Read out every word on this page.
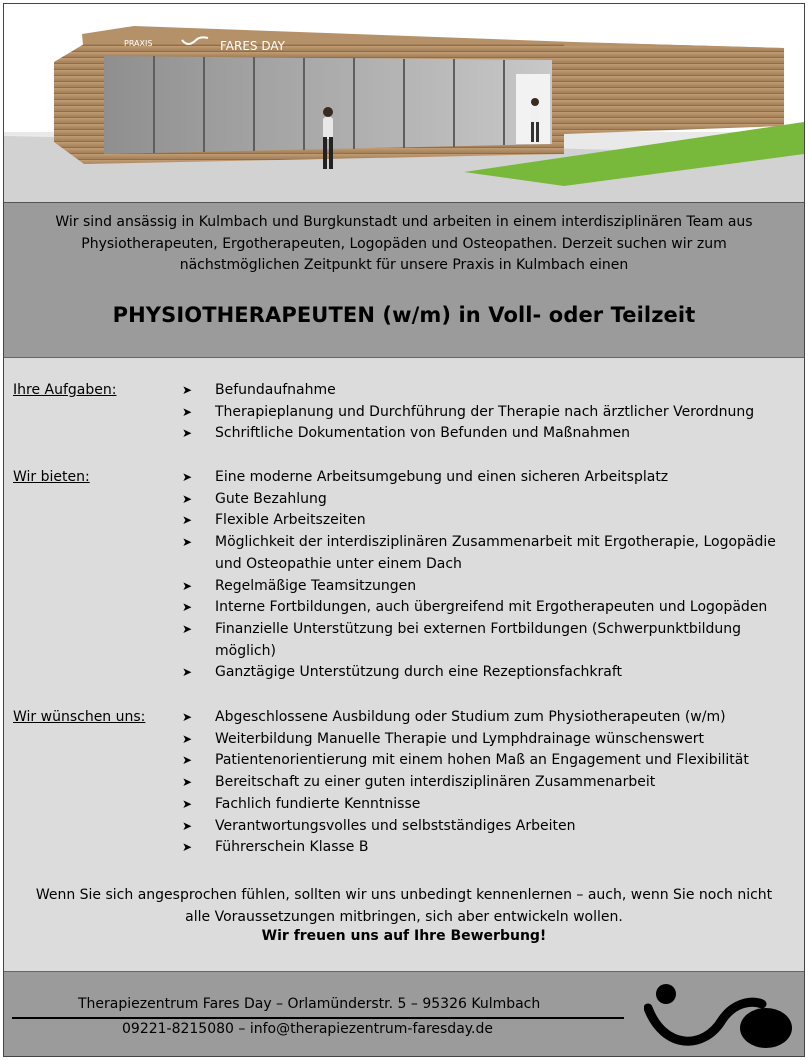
FARES DAY
PRAXIS
Wir sind ansässig in Kulmbach und Burgkunstadt und arbeiten in einem interdisziplinären Team aus
Physiotherapeuten, Ergotherapeuten, Logopäden und Osteopathen. Derzeit suchen wir zum
nächstmöglichen Zeitpunkt für unsere Praxis in Kulmbach einen
PHYSIOTHERAPEUTEN (w/m) in Voll- oder Teilzeit
Ihre Aufgaben:	➤	Befundaufnahme
➤	Therapieplanung und Durchführung der Therapie nach ärztlicher Verordnung
➤	Schriftliche Dokumentation von Befunden und Maßnahmen
Wir bieten:	➤	Eine moderne Arbeitsumgebung und einen sicheren Arbeitsplatz
➤	Gute Bezahlung
➤	Flexible Arbeitszeiten
➤	Möglichkeit der interdisziplinären Zusammenarbeit mit Ergotherapie, Logopädie und Osteopathie unter einem Dach
➤	Regelmäßige Teamsitzungen
➤	Interne Fortbildungen, auch übergreifend mit Ergotherapeuten und Logopäden
➤	Finanzielle Unterstützung bei externen Fortbildungen (Schwerpunktbildung möglich)
➤	Ganztägige Unterstützung durch eine Rezeptionsfachkraft
Wir wünschen uns:	➤	Abgeschlossene Ausbildung oder Studium zum Physiotherapeuten (w/m)
➤	Weiterbildung Manuelle Therapie und Lymphdrainage wünschenswert
➤	Patientenorientierung mit einem hohen Maß an Engagement und Flexibilität
➤	Bereitschaft zu einer guten interdisziplinären Zusammenarbeit
➤	Fachlich fundierte Kenntnisse
➤	Verantwortungsvolles und selbstständiges Arbeiten
➤	Führerschein Klasse B
Wenn Sie sich angesprochen fühlen, sollten wir uns unbedingt kennenlernen – auch, wenn Sie noch nicht
alle Voraussetzungen mitbringen, sich aber entwickeln wollen.
Wir freuen uns auf Ihre Bewerbung!
Therapiezentrum Fares Day – Orlamünderstr. 5 – 95326 Kulmbach
09221-8215080 – info@therapiezentrum-faresday.de
